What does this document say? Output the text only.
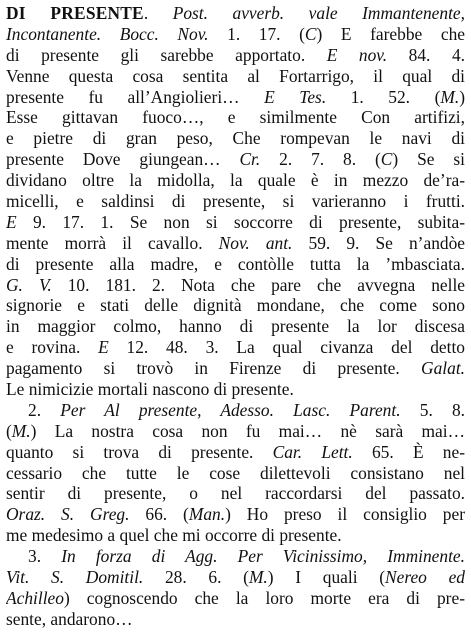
DI PRESENTE. Post. avverb. vale Immantenente,
Incontanente. Bocc. Nov. 1. 17. (C) E farebbe che
di presente gli sarebbe apportato. E nov. 84. 4.
Venne questa cosa sentita al Fortarrigo, il qual di
presente fu all’Angiolieri… E Tes. 1. 52. (M.)
Esse gittavan fuoco…, e similmente Con artifizi,
e pietre di gran peso, Che rompevan le navi di
presente Dove giungean… Cr. 2. 7. 8. (C) Se si
dividano oltre la midolla, la quale è in mezzo de’ra-
micelli, e saldinsi di presente, si varieranno i frutti.
E 9. 17. 1. Se non si soccorre di presente, subita-
mente morrà il cavallo. Nov. ant. 59. 9. Se n’andòe
di presente alla madre, e contòlle tutta la ’mbasciata.
G. V. 10. 181. 2. Nota che pare che avvegna nelle
signorie e stati delle dignità mondane, che come sono
in maggior colmo, hanno di presente la lor discesa
e rovina. E 12. 48. 3. La qual civanza del detto
pagamento si trovò in Firenze di presente. Galat.
Le nimicizie mortali nascono di presente.
2. Per Al presente, Adesso. Lasc. Parent. 5. 8.
(M.) La nostra cosa non fu mai… nè sarà mai…
quanto si trova di presente. Car. Lett. 65. È ne-
cessario che tutte le cose dilettevoli consistano nel
sentir di presente, o nel raccordarsi del passato.
Oraz. S. Greg. 66. (Man.) Ho preso il consiglio per
me medesimo a quel che mi occorre di presente.
3. In forza di Agg. Per Vicinissimo, Imminente.
Vit. S. Domitil. 28. 6. (M.) I quali (Nereo ed
Achilleo) cognoscendo che la loro morte era di pre-
sente, andarono…
